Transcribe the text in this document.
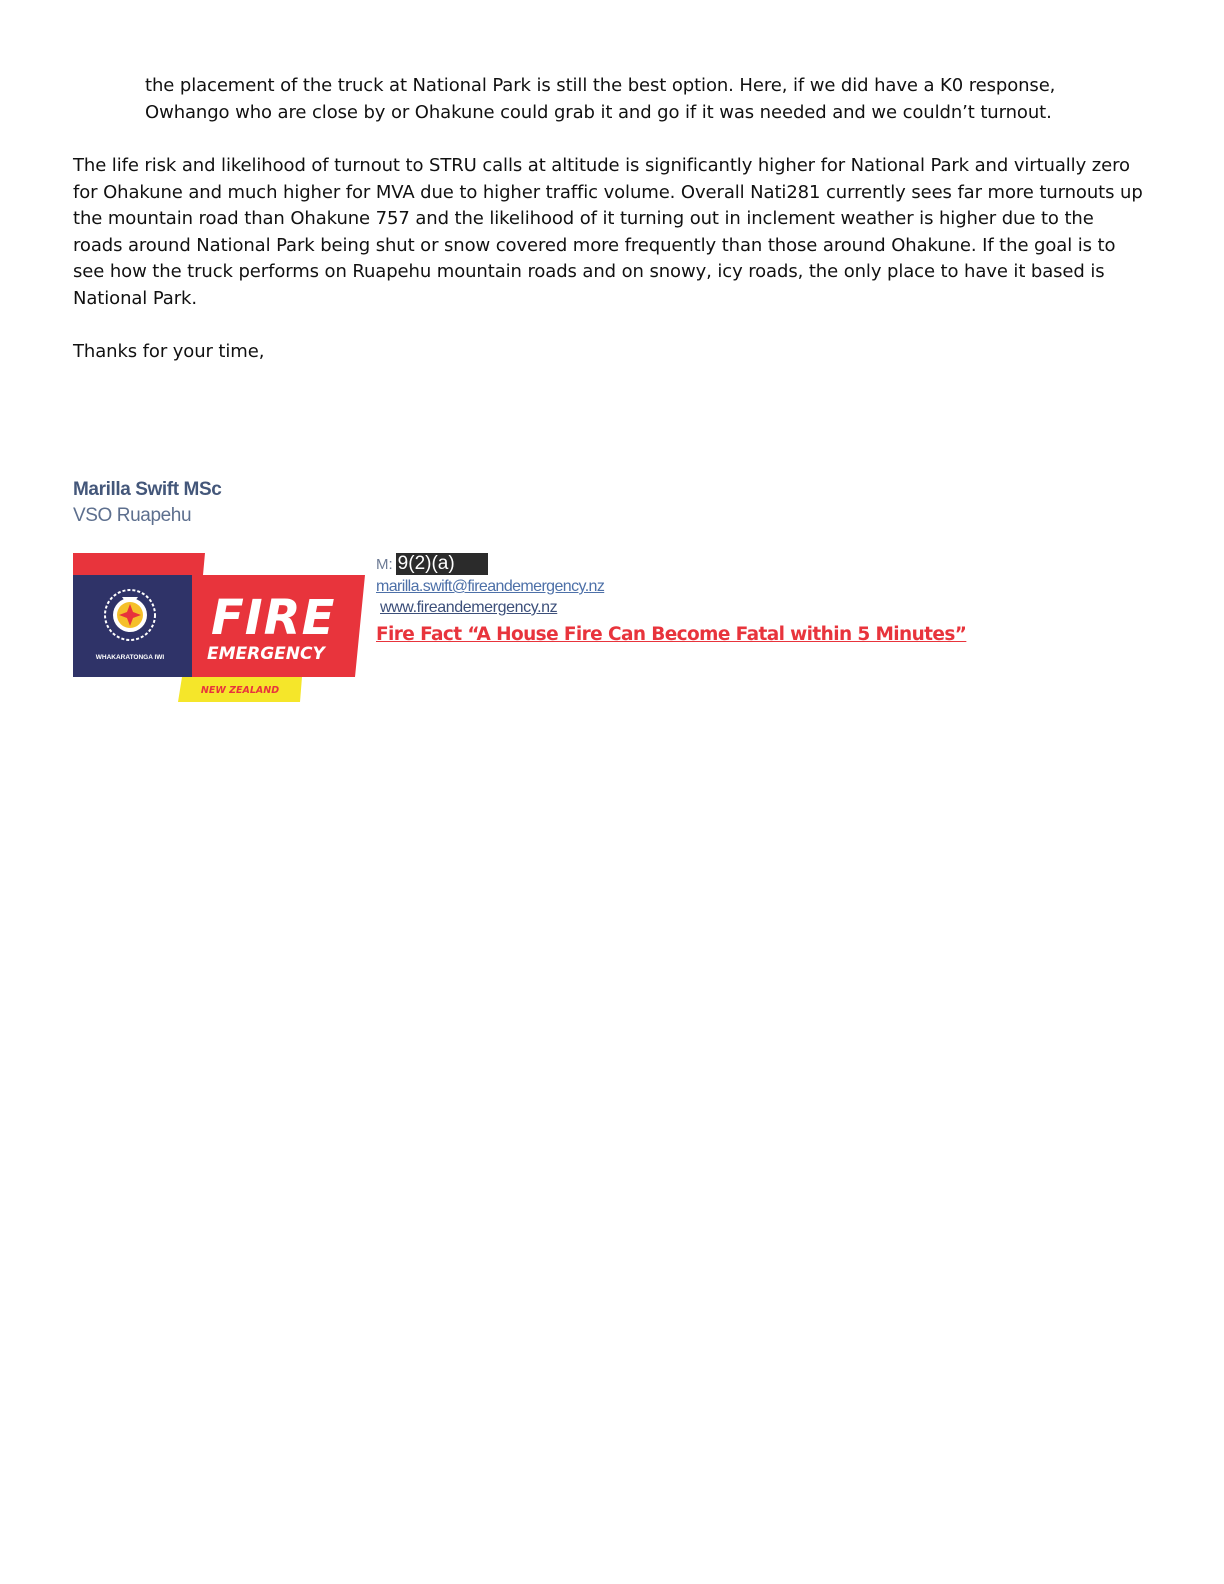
the placement of the truck at National Park is still the best option. Here, if we did have a K0 response, Owhango who are close by or Ohakune could grab it and go if it was needed and we couldn’t turnout.

The life risk and likelihood of turnout to STRU calls at altitude is significantly higher for National Park and virtually zero for Ohakune and much higher for MVA due to higher traffic volume. Overall Nati281 currently sees far more turnouts up the mountain road than Ohakune 757 and the likelihood of it turning out in inclement weather is higher due to the roads around National Park being shut or snow covered more frequently than those around Ohakune. If the goal is to see how the truck performs on Ruapehu mountain roads and on snowy, icy roads, the only place to have it based is National Park.

Thanks for your time,

Marilla Swift MSc
VSO Ruapehu
WHAKARATONGA IWI
FIRE
EMERGENCY
NEW ZEALAND
M: 9(2)(a)
marilla.swift@fireandemergency.nz
www.fireandemergency.nz
Fire Fact “A House Fire Can Become Fatal within 5 Minutes”
